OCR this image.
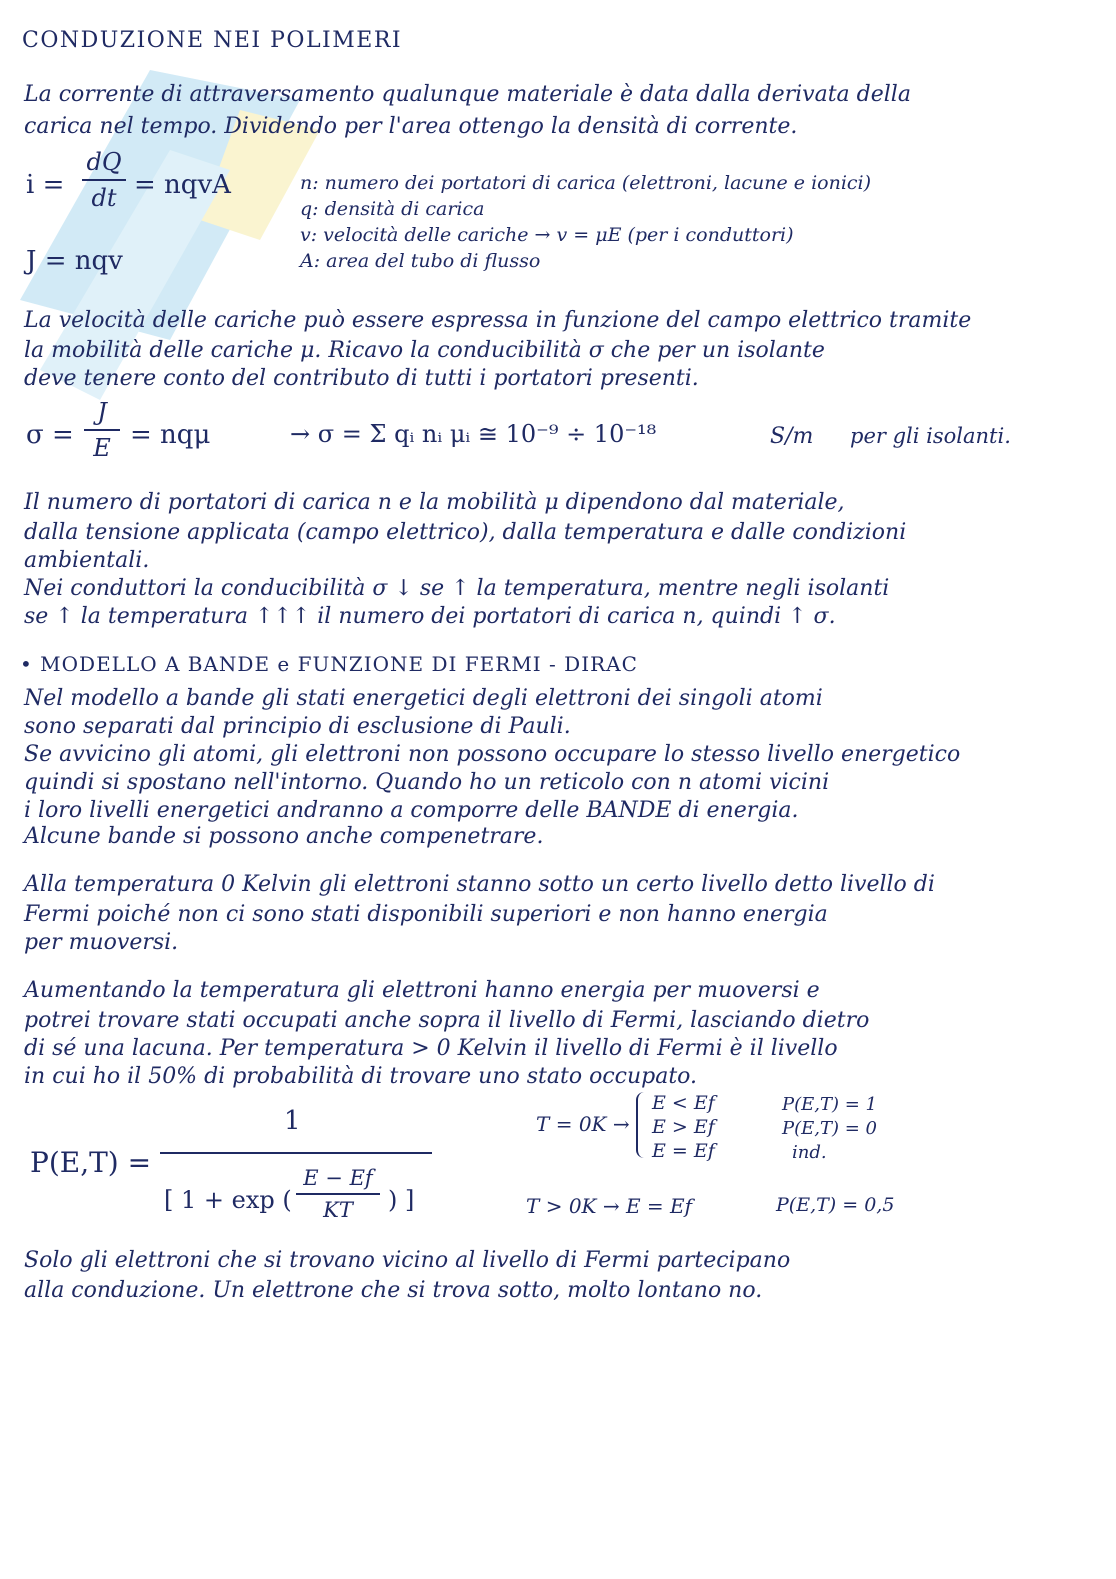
CONDUZIONE NEI POLIMERI
La corrente di attraversamento qualunque materiale è data dalla derivata della
carica nel tempo. Dividendo per l'area ottengo la densità di corrente.
i =
dQ
dt = nqvA
J = nqv
n: numero dei portatori di carica (elettroni, lacune e ionici)
q: densità di carica
v: velocità delle cariche → v = μE (per i conduttori)
A: area del tubo di flusso
La velocità delle cariche può essere espressa in funzione del campo elettrico tramite
la mobilità delle cariche μ. Ricavo la conducibilità σ che per un isolante
deve tenere conto del contributo di tutti i portatori presenti.
σ =
J
E = nqμ	→ σ = Σ qᵢ nᵢ μᵢ ≅ 10⁻⁹ ÷ 10⁻¹⁸	S/m per gli isolanti.
Il numero di portatori di carica n e la mobilità μ dipendono dal materiale,
dalla tensione applicata (campo elettrico), dalla temperatura e dalle condizioni
ambientali.
Nei conduttori la conducibilità σ ↓ se ↑ la temperatura, mentre negli isolanti
se ↑ la temperatura ↑↑↑ il numero dei portatori di carica n, quindi ↑ σ.
• MODELLO A BANDE e FUNZIONE DI FERMI - DIRAC
Nel modello a bande gli stati energetici degli elettroni dei singoli atomi
sono separati dal principio di esclusione di Pauli.
Se avvicino gli atomi, gli elettroni non possono occupare lo stesso livello energetico
quindi si spostano nell'intorno. Quando ho un reticolo con n atomi vicini
i loro livelli energetici andranno a comporre delle BANDE di energia.
Alcune bande si possono anche compenetrare.
Alla temperatura 0 Kelvin gli elettroni stanno sotto un certo livello detto livello di
Fermi poiché non ci sono stati disponibili superiori e non hanno energia
per muoversi.
Aumentando la temperatura gli elettroni hanno energia per muoversi e
potrei trovare stati occupati anche sopra il livello di Fermi, lasciando dietro
di sé una lacuna. Per temperatura > 0 Kelvin il livello di Fermi è il livello
in cui ho il 50% di probabilità di trovare uno stato occupato.
P(E,T) =
1
[ 1 + exp (
E − Ef
KT	) ]
T = 0K →
E < Ef	P(E,T) = 1
E > Ef	P(E,T) = 0
E = Ef	ind.
T > 0K → E = Ef	P(E,T) = 0,5
Solo gli elettroni che si trovano vicino al livello di Fermi partecipano
alla conduzione. Un elettrone che si trova sotto, molto lontano no.
